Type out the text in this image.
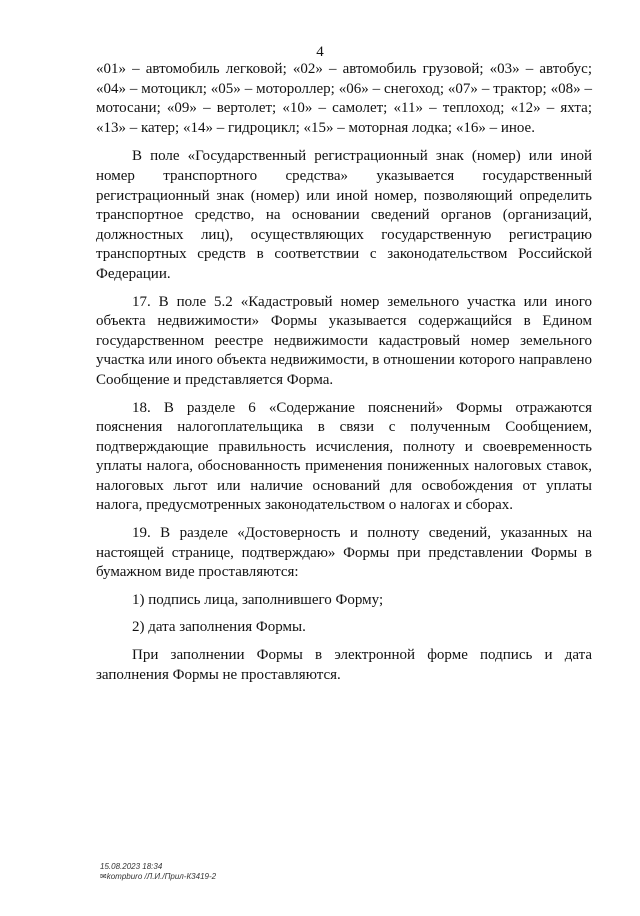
4

«01» – автомобиль легковой; «02» – автомобиль грузовой; «03» – автобус; «04» – мотоцикл; «05» – мотороллер; «06» – снегоход; «07» – трактор; «08» – мотосани; «09» – вертолет; «10» – самолет; «11» – теплоход; «12» – яхта; «13» – катер; «14» – гидроцикл; «15» – моторная лодка; «16» – иное.

В поле «Государственный регистрационный знак (номер) или иной номер транспортного средства» указывается государственный регистрационный знак (номер) или иной номер, позволяющий определить транспортное средство, на основании сведений органов (организаций, должностных лиц), осуществляющих государственную регистрацию транспортных средств в соответствии с законодательством Российской Федерации.

17. В поле 5.2 «Кадастровый номер земельного участка или иного объекта недвижимости» Формы указывается содержащийся в Едином государственном реестре недвижимости кадастровый номер земельного участка или иного объекта недвижимости, в отношении которого направлено Сообщение и представляется Форма.

18. В разделе 6 «Содержание пояснений» Формы отражаются пояснения налогоплательщика в связи с полученным Сообщением, подтверждающие правильность исчисления, полноту и своевременность уплаты налога, обоснованность применения пониженных налоговых ставок, налоговых льгот или наличие оснований для освобождения от уплаты налога, предусмотренных законодательством о налогах и сборах.

19. В разделе «Достоверность и полноту сведений, указанных на настоящей странице, подтверждаю» Формы при представлении Формы в бумажном виде проставляются:

1) подпись лица, заполнившего Форму;

2) дата заполнения Формы.

При заполнении Формы в электронной форме подпись и дата заполнения Формы не проставляются.

15.08.2023 18:34
✉kompburo /Л.И./Прил-К3419-2
